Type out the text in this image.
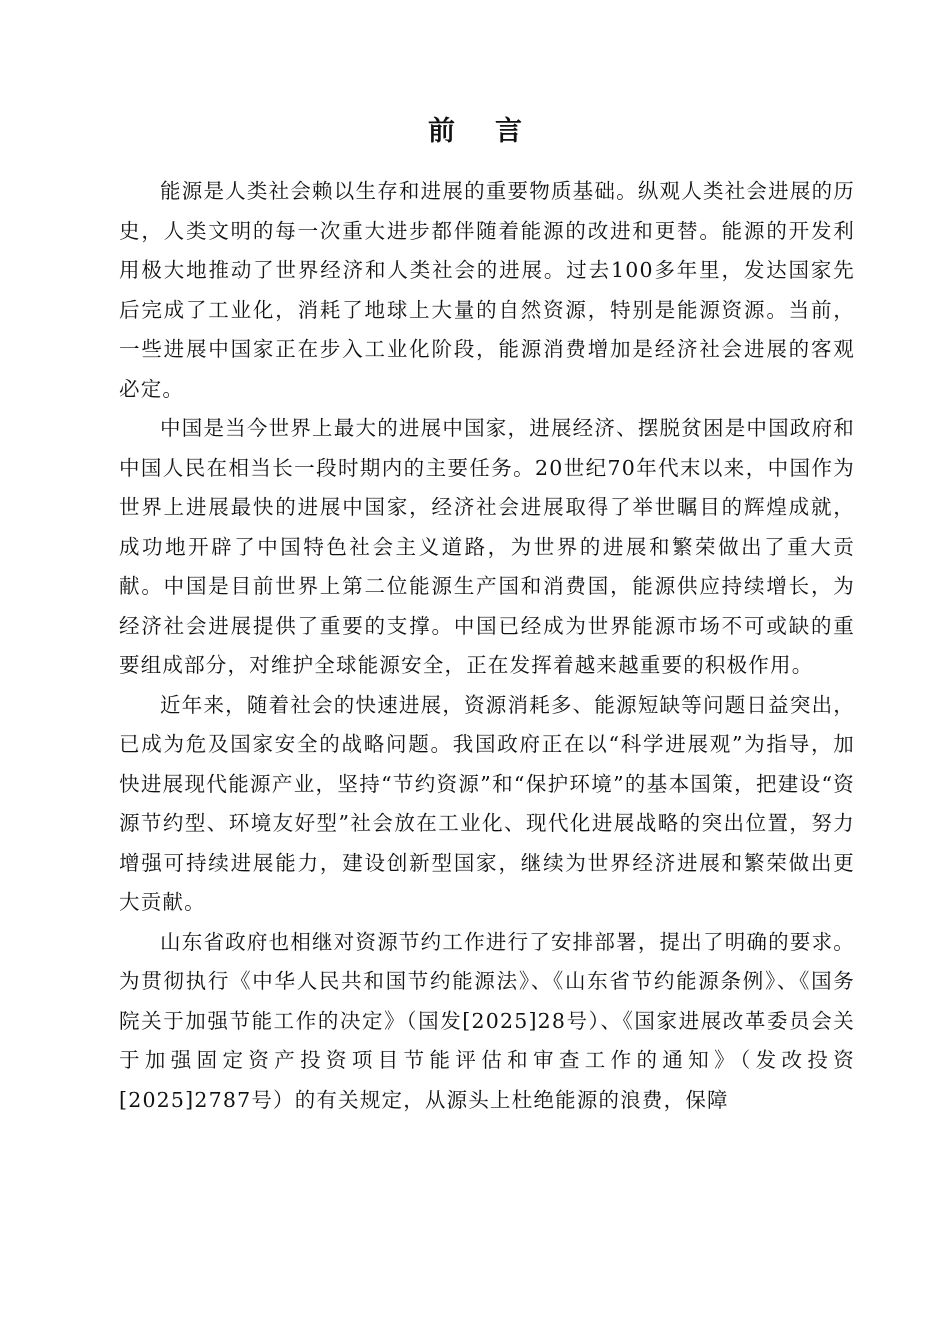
前言

能源是人类社会赖以生存和进展的重要物质基础。纵观人类社会进展的历史，人类文明的每一次重大进步都伴随着能源的改进和更替。能源的开发利用极大地推动了世界经济和人类社会的进展。过去100多年里，发达国家先后完成了工业化，消耗了地球上大量的自然资源，特别是能源资源。当前，一些进展中国家正在步入工业化阶段，能源消费增加是经济社会进展的客观必定。

中国是当今世界上最大的进展中国家，进展经济、摆脱贫困是中国政府和中国人民在相当长一段时期内的主要任务。20世纪70年代末以来，中国作为世界上进展最快的进展中国家，经济社会进展取得了举世瞩目的辉煌成就，成功地开辟了中国特色社会主义道路，为世界的进展和繁荣做出了重大贡献。中国是目前世界上第二位能源生产国和消费国，能源供应持续增长，为经济社会进展提供了重要的支撑。中国已经成为世界能源市场不可或缺的重要组成部分，对维护全球能源安全，正在发挥着越来越重要的积极作用。

近年来，随着社会的快速进展，资源消耗多、能源短缺等问题日益突出，已成为危及国家安全的战略问题。我国政府正在以“科学进展观”为指导，加快进展现代能源产业，坚持“节约资源”和“保护环境”的基本国策，把建设“资源节约型、环境友好型”社会放在工业化、现代化进展战略的突出位置，努力增强可持续进展能力，建设创新型国家，继续为世界经济进展和繁荣做出更大贡献。

山东省政府也相继对资源节约工作进行了安排部署，提出了明确的要求。为贯彻执行《中华人民共和国节约能源法》、《山东省节约能源条例》、《国务院关于加强节能工作的决定》（国发[2025]28号）、《国家进展改革委员会关于加强固定资产投资项目节能评估和审查工作的通知》（发改投资[2025]2787号）的有关规定，从源头上杜绝能源的浪费，保障
